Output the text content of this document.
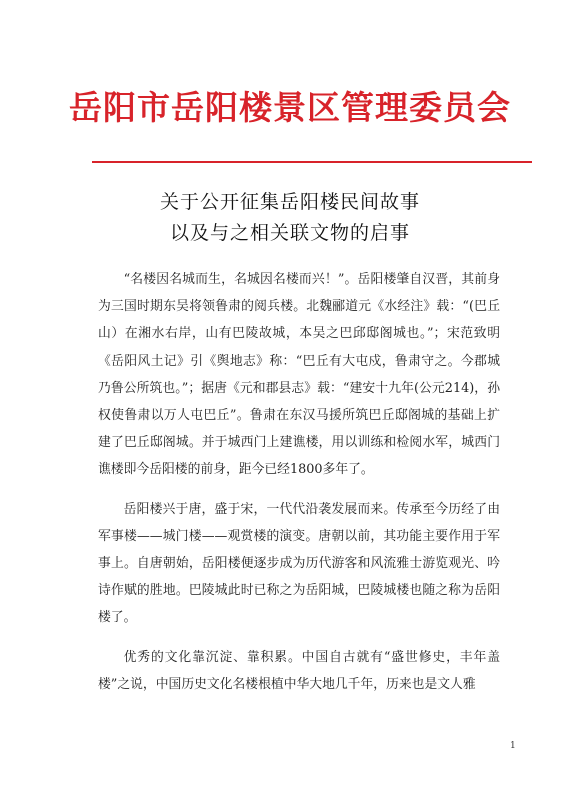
岳阳市岳阳楼景区管理委员会
关于公开征集岳阳楼民间故事
以及与之相关联文物的启事

“名楼因名城而生，名城因名楼而兴！”。岳阳楼肇自汉晋，其前身为三国时期东吴将领鲁肃的阅兵楼。北魏郦道元《水经注》载：“(巴丘山）在湘水右岸，山有巴陵故城，本吴之巴邱邸阁城也。”；宋范致明《岳阳风土记》引《舆地志》称：“巴丘有大屯戍，鲁肃守之。今郡城乃鲁公所筑也。”；据唐《元和郡县志》载：“建安十九年(公元214)，孙权使鲁肃以万人屯巴丘”。鲁肃在东汉马援所筑巴丘邸阁城的基础上扩建了巴丘邸阁城。并于城西门上建谯楼，用以训练和检阅水军，城西门谯楼即今岳阳楼的前身，距今已经1800多年了。

岳阳楼兴于唐，盛于宋，一代代沿袭发展而来。传承至今历经了由军事楼——城门楼——观赏楼的演变。唐朝以前，其功能主要作用于军事上。自唐朝始，岳阳楼便逐步成为历代游客和风流雅士游览观光、吟诗作赋的胜地。巴陵城此时已称之为岳阳城，巴陵城楼也随之称为岳阳楼了。

优秀的文化靠沉淀、靠积累。中国自古就有“盛世修史，丰年盖楼”之说，中国历史文化名楼根植中华大地几千年，历来也是文人雅

1
